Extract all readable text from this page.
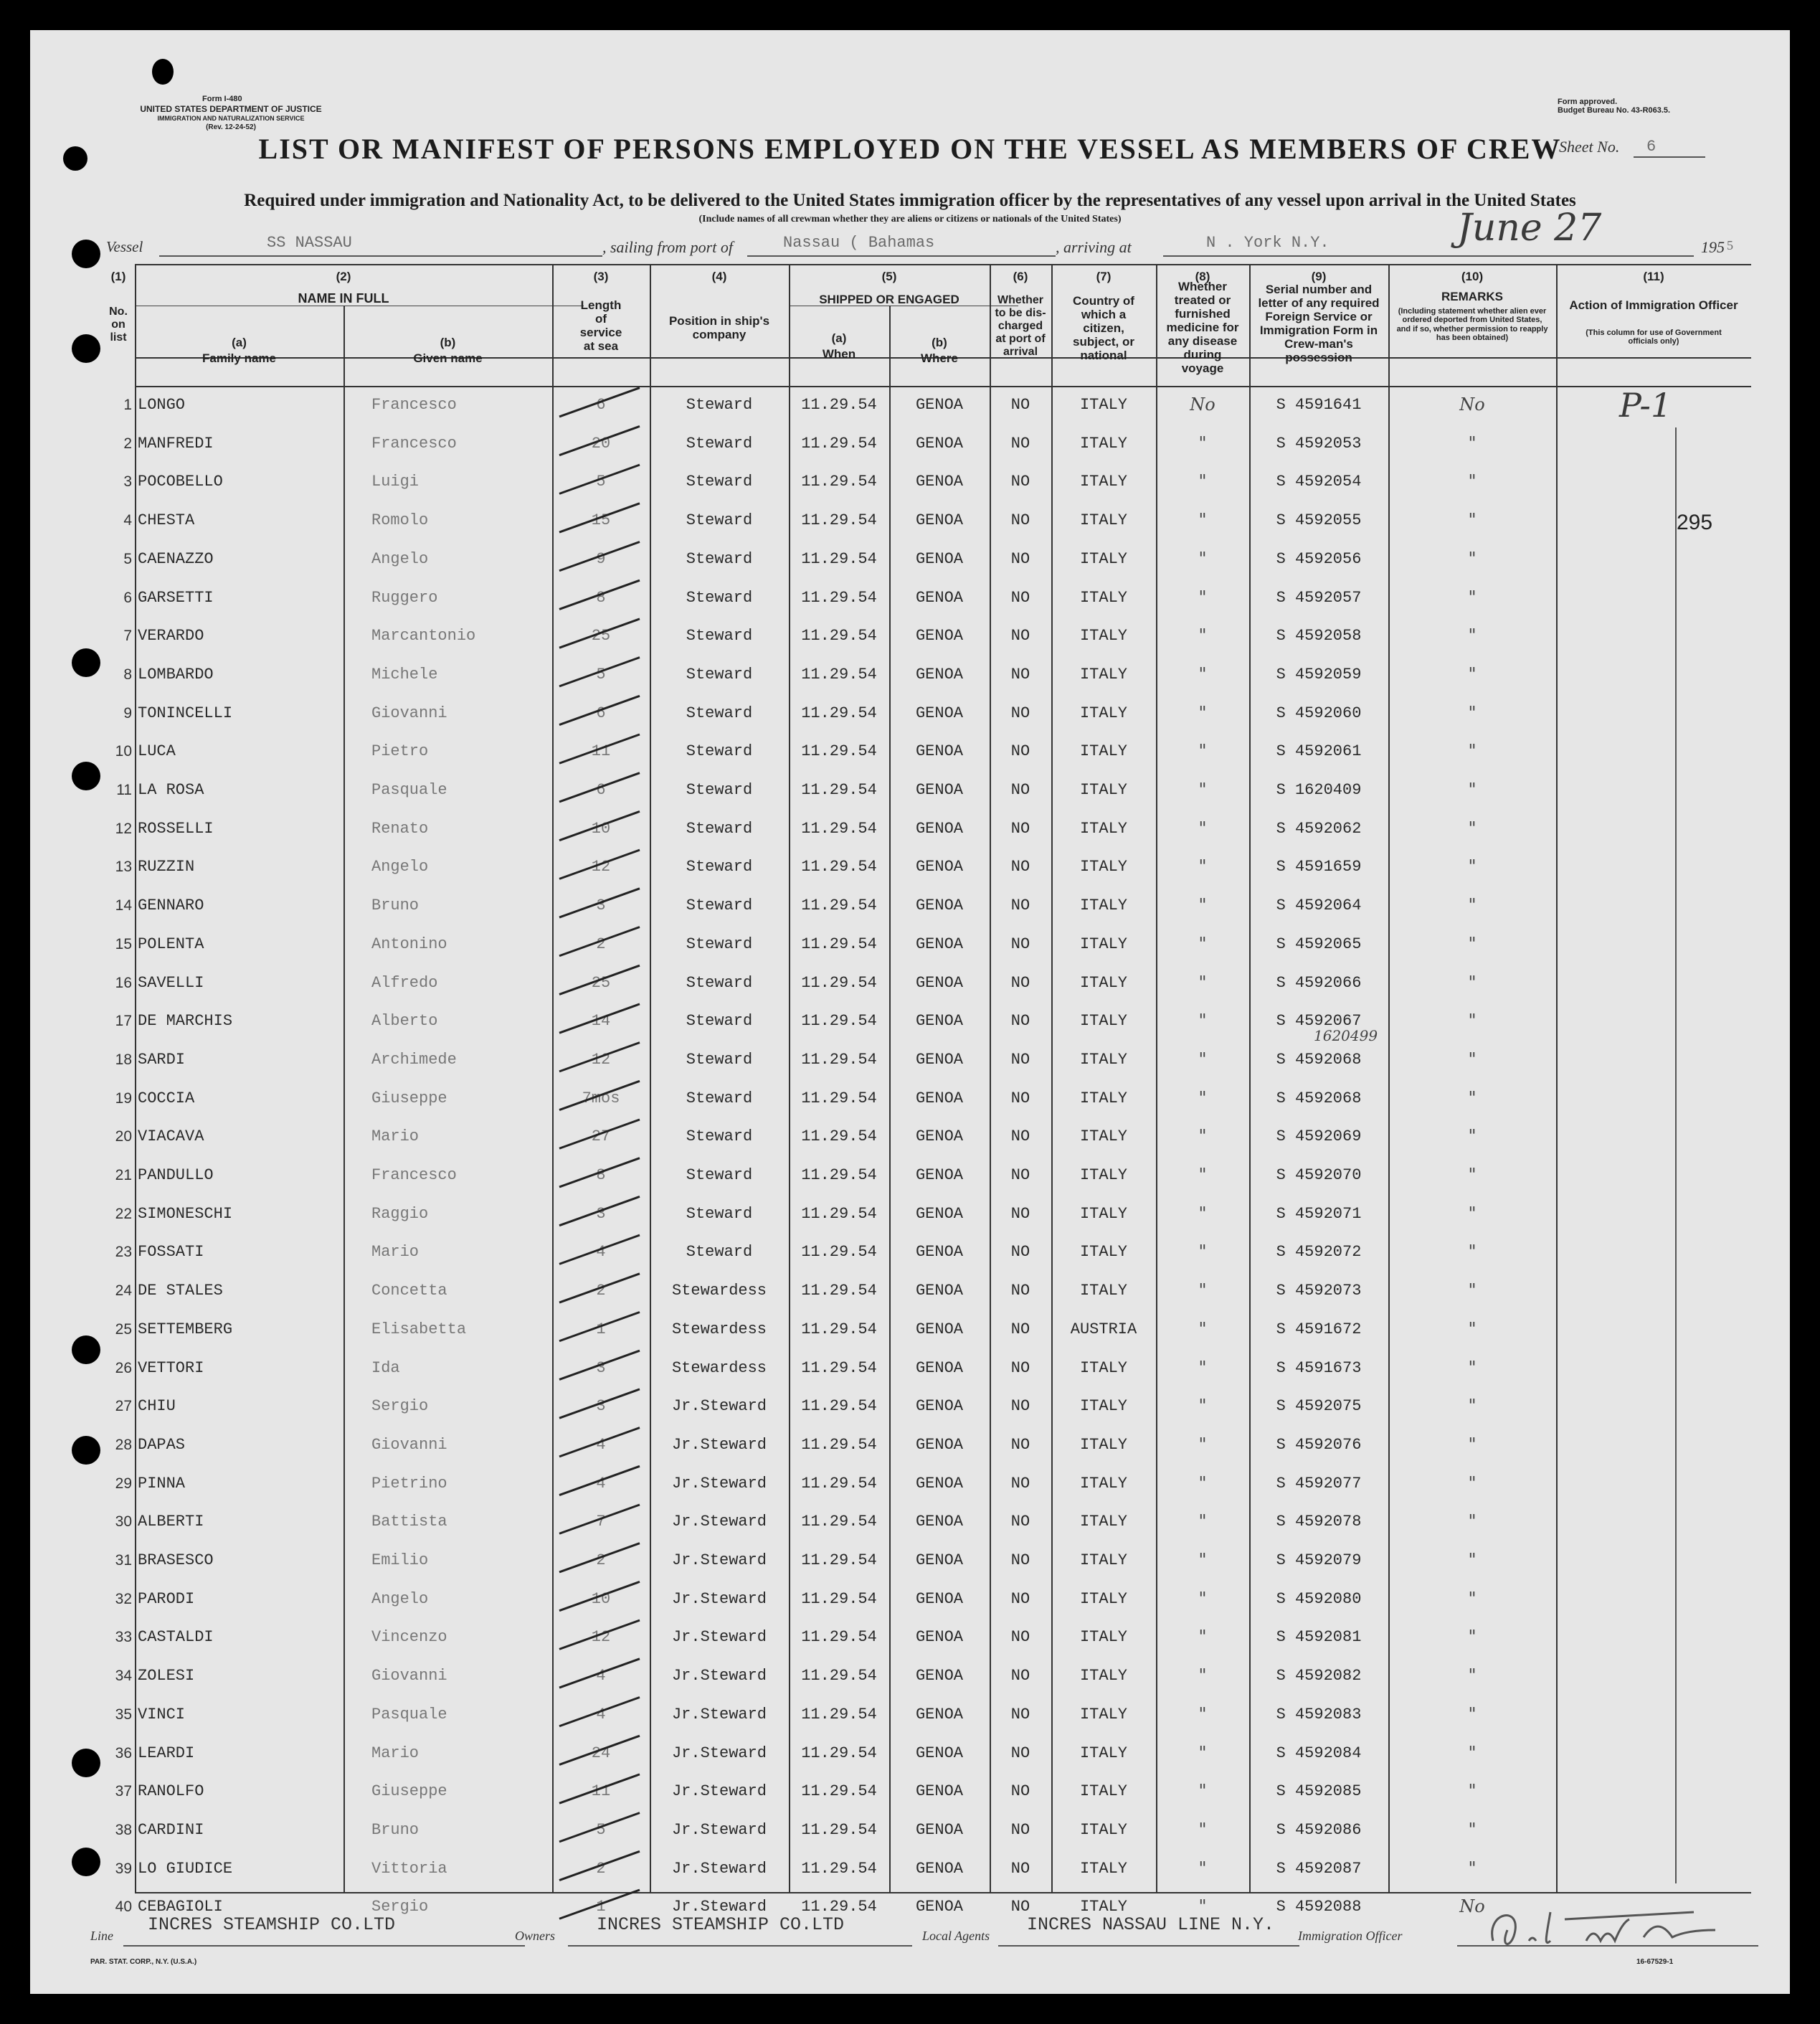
Form I-480
UNITED STATES DEPARTMENT OF JUSTICE
IMMIGRATION AND NATURALIZATION SERVICE
(Rev. 12-24-52)
Form approved.
Budget Bureau No. 43-R063.5.
Sheet No. 6
LIST OR MANIFEST OF PERSONS EMPLOYED ON THE VESSEL AS MEMBERS OF CREW
Required under immigration and Nationality Act, to be delivered to the United States immigration officer by the representatives of any vessel upon arrival in the United States
(Include names of all crewman whether they are aliens or citizens or nationals of the United States)
Vessel	SS NASSAU	, sailing from port of	Nassau ( Bahamas	, arriving at	N . York N.Y.	June 27	195 5
(1)
No. on list
(2)
NAME IN FULL
(a)
Family name
(b)
Given name
(3)
Length of service at sea
(4)
Position in ship's company
(5)
SHIPPED OR ENGAGED
(a)
When
(b)
Where
(6)
Whether to be dis-charged at port of arrival
(7)
Country of which a citizen, subject, or national
(8)
Whether treated or furnished medicine for any disease during voyage
(9)
Serial number and letter of any required Foreign Service or Immigration Form in Crew-man's possession
(10)
REMARKS
(Including statement whether alien ever ordered deported from United States, and if so, whether permission to reapply has been obtained)
(11)
Action of Immigration Officer
(This column for use of Government officials only)
1 LONGO	Francesco	6	Steward	11.29.54	GENOA	NO	ITALY	No	S 4591641	No
2 MANFREDI	Francesco	20	Steward	11.29.54	GENOA	NO	ITALY	"	S 4592053	"
3 POCOBELLO	Luigi	5	Steward	11.29.54	GENOA	NO	ITALY	"	S 4592054	"
4 CHESTA	Romolo	15	Steward	11.29.54	GENOA	NO	ITALY	"	S 4592055	"
5 CAENAZZO	Angelo	9	Steward	11.29.54	GENOA	NO	ITALY	"	S 4592056	"
6 GARSETTI	Ruggero	8	Steward	11.29.54	GENOA	NO	ITALY	"	S 4592057	"
7 VERARDO	Marcantonio	25	Steward	11.29.54	GENOA	NO	ITALY	"	S 4592058	"
8 LOMBARDO	Michele	5	Steward	11.29.54	GENOA	NO	ITALY	"	S 4592059	"
9 TONINCELLI	Giovanni	6	Steward	11.29.54	GENOA	NO	ITALY	"	S 4592060	"
10 LUCA	Pietro	11	Steward	11.29.54	GENOA	NO	ITALY	"	S 4592061	"
11 LA ROSA	Pasquale	6	Steward	11.29.54	GENOA	NO	ITALY	"	S 1620409	"
12 ROSSELLI	Renato	10	Steward	11.29.54	GENOA	NO	ITALY	"	S 4592062	"
13 RUZZIN	Angelo	12	Steward	11.29.54	GENOA	NO	ITALY	"	S 4591659	"
14 GENNARO	Bruno	3	Steward	11.29.54	GENOA	NO	ITALY	"	S 4592064	"
15 POLENTA	Antonino	2	Steward	11.29.54	GENOA	NO	ITALY	"	S 4592065	"
16 SAVELLI	Alfredo	25	Steward	11.29.54	GENOA	NO	ITALY	"	S 4592066	"
17 DE MARCHIS	Alberto	14	Steward	11.29.54	GENOA	NO	ITALY	"	S 4592067	"
18 SARDI	Archimede	12	Steward	11.29.54	GENOA	NO	ITALY	"	S 4592068	"
1620499
19 COCCIA	Giuseppe	7mos	Steward	11.29.54	GENOA	NO	ITALY	"	S 4592068	"
20 VIACAVA	Mario	27	Steward	11.29.54	GENOA	NO	ITALY	"	S 4592069	"
21 PANDULLO	Francesco	8	Steward	11.29.54	GENOA	NO	ITALY	"	S 4592070	"
22 SIMONESCHI	Raggio	3	Steward	11.29.54	GENOA	NO	ITALY	"	S 4592071	"
23 FOSSATI	Mario	4	Steward	11.29.54	GENOA	NO	ITALY	"	S 4592072	"
24 DE STALES	Concetta	2	Stewardess	11.29.54	GENOA	NO	ITALY	"	S 4592073	"
25 SETTEMBERG	Elisabetta	1	Stewardess	11.29.54	GENOA	NO	AUSTRIA	"	S 4591672	"
26 VETTORI	Ida	3	Stewardess	11.29.54	GENOA	NO	ITALY	"	S 4591673	"
27 CHIU	Sergio	3	Jr.Steward	11.29.54	GENOA	NO	ITALY	"	S 4592075	"
28 DAPAS	Giovanni	4	Jr.Steward	11.29.54	GENOA	NO	ITALY	"	S 4592076	"
29 PINNA	Pietrino	4	Jr.Steward	11.29.54	GENOA	NO	ITALY	"	S 4592077	"
30 ALBERTI	Battista	7	Jr.Steward	11.29.54	GENOA	NO	ITALY	"	S 4592078	"
31 BRASESCO	Emilio	2	Jr.Steward	11.29.54	GENOA	NO	ITALY	"	S 4592079	"
32 PARODI	Angelo	10	Jr.Steward	11.29.54	GENOA	NO	ITALY	"	S 4592080	"
33 CASTALDI	Vincenzo	12	Jr.Steward	11.29.54	GENOA	NO	ITALY	"	S 4592081	"
34 ZOLESI	Giovanni	4	Jr.Steward	11.29.54	GENOA	NO	ITALY	"	S 4592082	"
35 VINCI	Pasquale	4	Jr.Steward	11.29.54	GENOA	NO	ITALY	"	S 4592083	"
36 LEARDI	Mario	24	Jr.Steward	11.29.54	GENOA	NO	ITALY	"	S 4592084	"
37 RANOLFO	Giuseppe	11	Jr.Steward	11.29.54	GENOA	NO	ITALY	"	S 4592085	"
38 CARDINI	Bruno	5	Jr.Steward	11.29.54	GENOA	NO	ITALY	"	S 4592086	"
39 LO GIUDICE	Vittoria	2	Jr.Steward	11.29.54	GENOA	NO	ITALY	"	S 4592087	"
40 CEBAGIOLI	Sergio	1	Jr.Steward	11.29.54	GENOA	NO	ITALY	"	S 4592088	No
P-1
295
Line
INCRES STEAMSHIP CO.LTD
Owners
INCRES STEAMSHIP CO.LTD
Local Agents
INCRES NASSAU LINE N.Y.
Immigration Officer
PAR. STAT. CORP., N.Y. (U.S.A.)	16-67529-1
